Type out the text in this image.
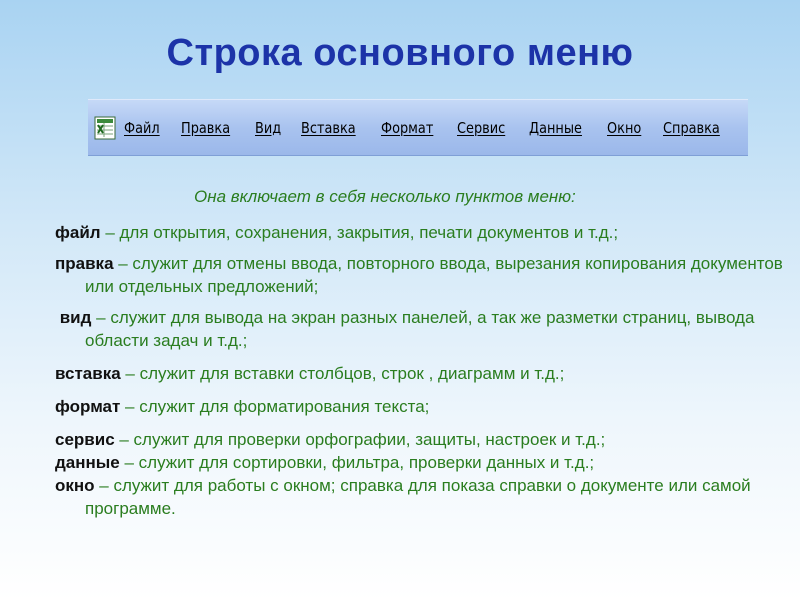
Строка основного меню
Файл Правка Вид Вставка Формат Сервис Данные Окно Справка
Она включает в себя несколько пунктов меню:

файл – для открытия, сохранения, закрытия, печати документов и т.д.;

правка – служит для отмены ввода, повторного ввода, вырезания копирования документов или отдельных предложений;

вид – служит для вывода на экран разных панелей, а так же разметки страниц, вывода области задач и т.д.;

вставка – служит для вставки столбцов, строк , диаграмм и т.д.;

формат – служит для форматирования текста;

сервис – служит для проверки орфографии, защиты, настроек и т.д.;

данные – служит для сортировки, фильтра, проверки данных и т.д.;

окно – служит для работы с окном; справка для показа справки о документе или самой программе.
